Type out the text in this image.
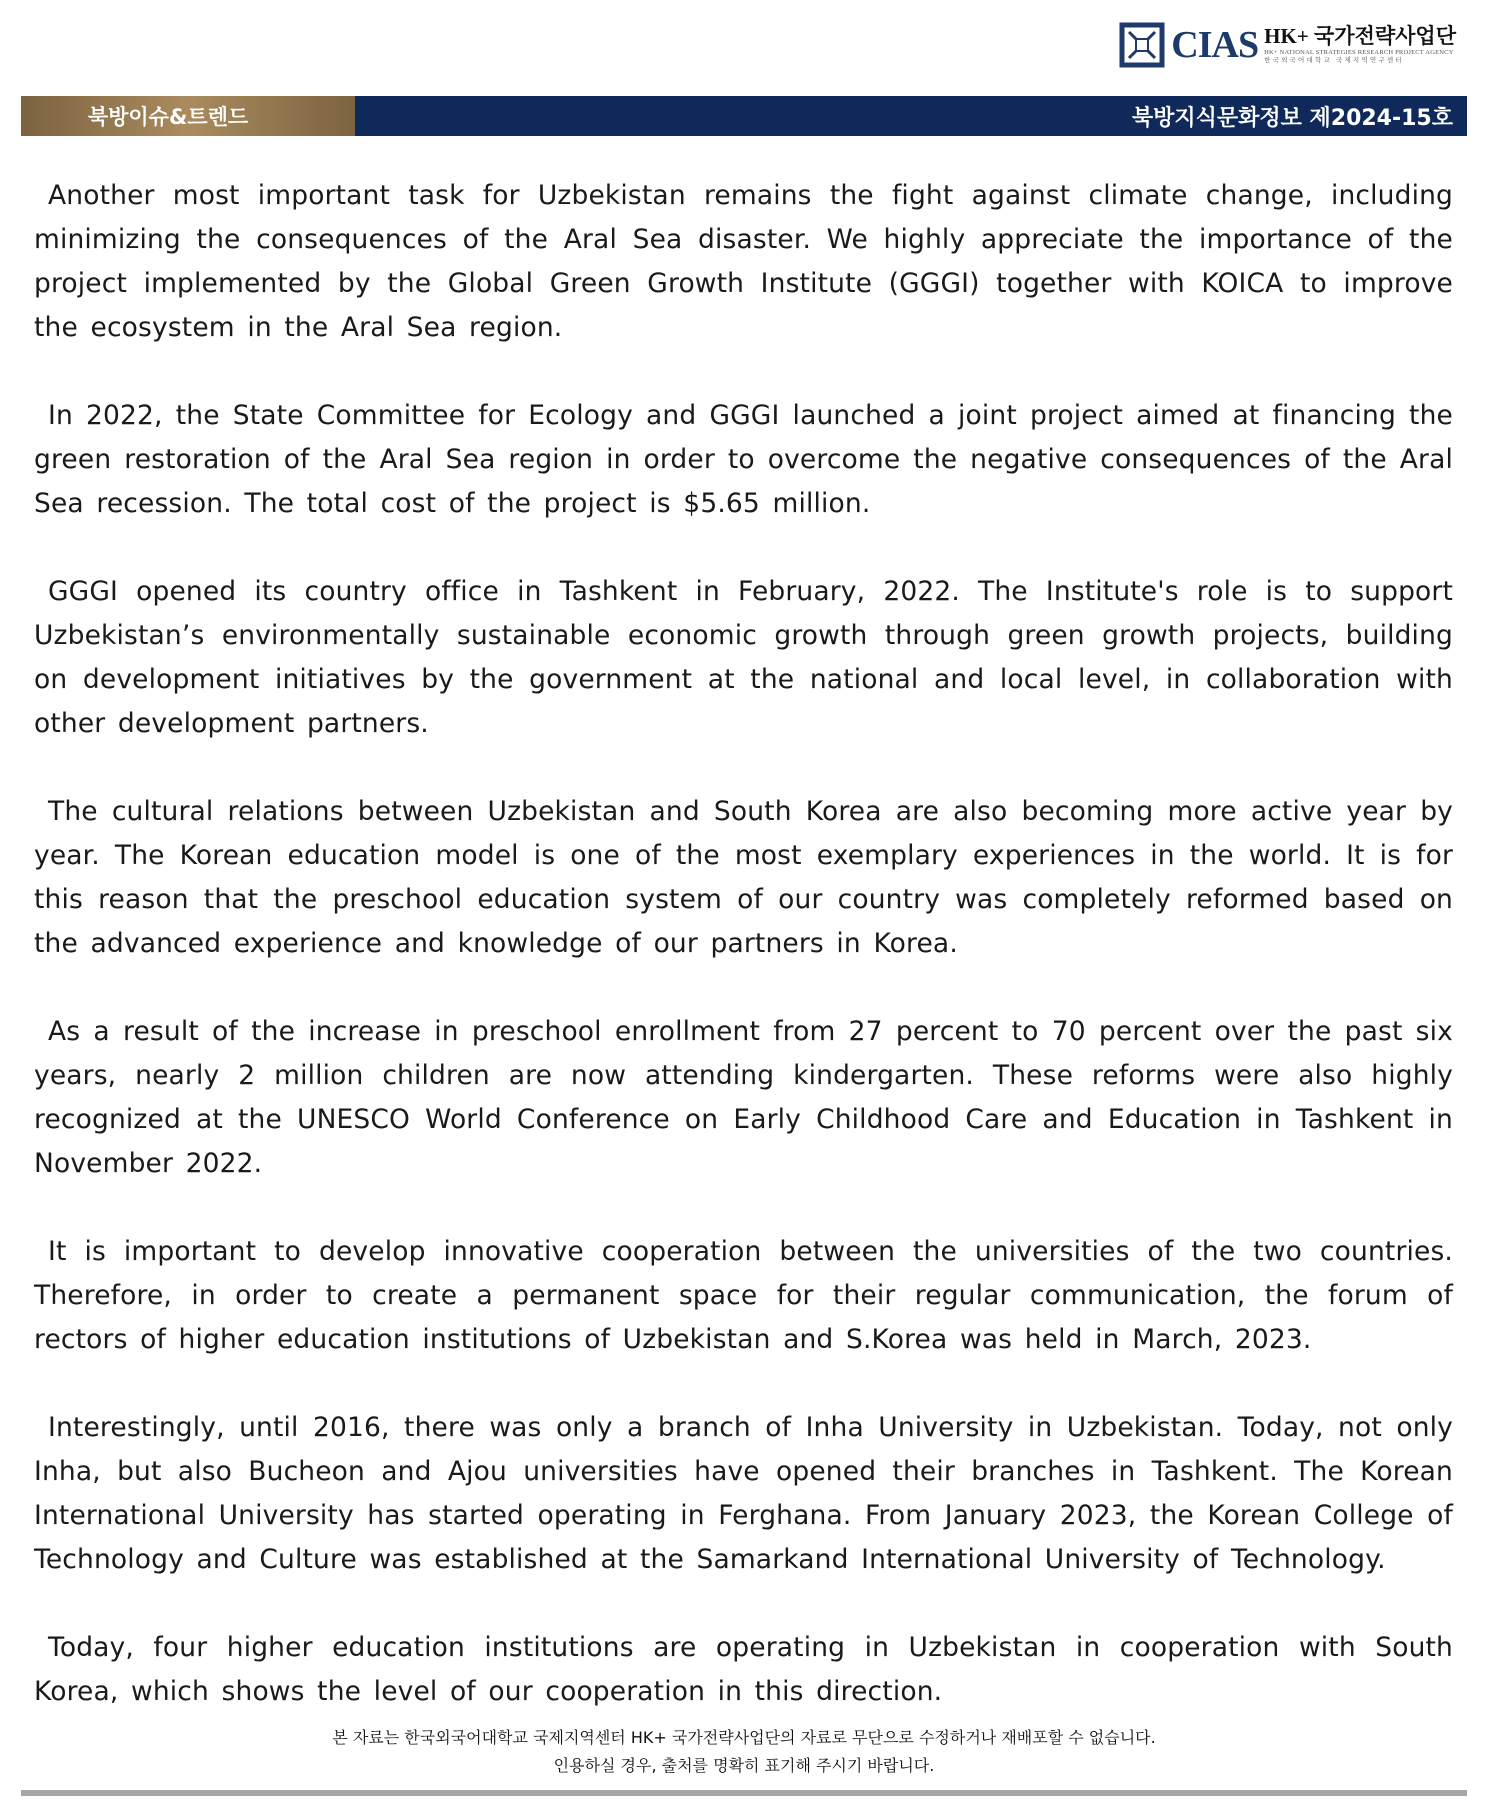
CIAS HK+ 국가전략사업단
HK+ NATIONAL STRATEGIES RESEARCH PROJECT AGENCY
한국외국어대학교 국제지역연구센터
북방이슈&트렌드	북방지식문화정보 제2024-15호

Another most important task for Uzbekistan remains the fight against climate change, including minimizing the consequences of the Aral Sea disaster. We highly appreciate the importance of the project implemented by the Global Green Growth Institute (GGGI) together with KOICA to improve the ecosystem in the Aral Sea region.

In 2022, the State Committee for Ecology and GGGI launched a joint project aimed at financing the green restoration of the Aral Sea region in order to overcome the negative consequences of the Aral Sea recession. The total cost of the project is $5.65 million.

GGGI opened its country office in Tashkent in February, 2022. The Institute's role is to support Uzbekistan’s environmentally sustainable economic growth through green growth projects, building on development initiatives by the government at the national and local level, in collaboration with other development partners.

The cultural relations between Uzbekistan and South Korea are also becoming more active year by year. The Korean education model is one of the most exemplary experiences in the world. It is for this reason that the preschool education system of our country was completely reformed based on the advanced experience and knowledge of our partners in Korea.

As a result of the increase in preschool enrollment from 27 percent to 70 percent over the past six years, nearly 2 million children are now attending kindergarten. These reforms were also highly recognized at the UNESCO World Conference on Early Childhood Care and Education in Tashkent in November 2022.

It is important to develop innovative cooperation between the universities of the two countries. Therefore, in order to create a permanent space for their regular communication, the forum of rectors of higher education institutions of Uzbekistan and S.Korea was held in March, 2023.

Interestingly, until 2016, there was only a branch of Inha University in Uzbekistan. Today, not only Inha, but also Bucheon and Ajou universities have opened their branches in Tashkent. The Korean International University has started operating in Ferghana. From January 2023, the Korean College of Technology and Culture was established at the Samarkand International University of Technology.

Today, four higher education institutions are operating in Uzbekistan in cooperation with South Korea, which shows the level of our cooperation in this direction.

본 자료는 한국외국어대학교 국제지역센터 HK+ 국가전략사업단의 자료로 무단으로 수정하거나 재배포할 수 없습니다.
인용하실 경우, 출처를 명확히 표기해 주시기 바랍니다.
